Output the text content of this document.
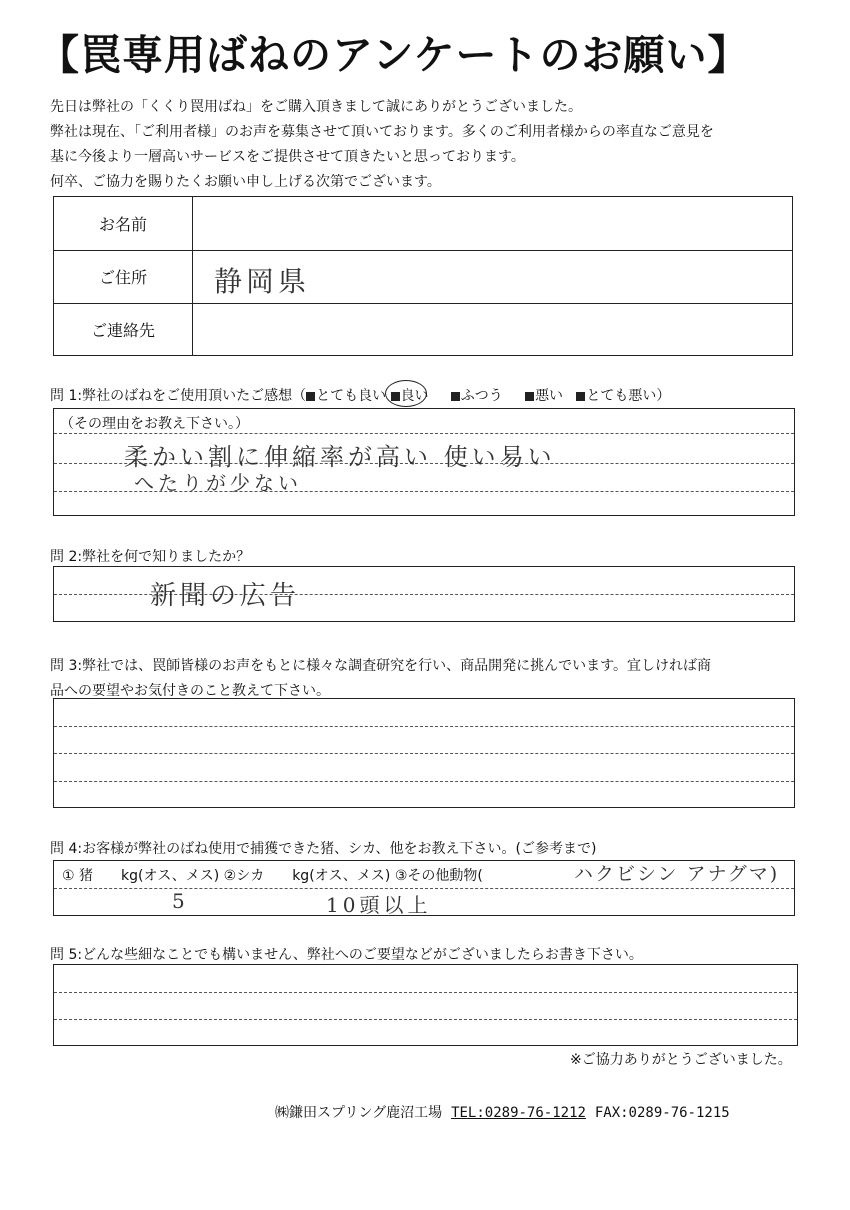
【罠専用ばねのアンケートのお願い】
先日は弊社の「くくり罠用ばね」をご購入頂きまして誠にありがとうございました。
弊社は現在、「ご利用者様」のお声を募集させて頂いております。多くのご利用者様からの率直なご意見を
基に今後より一層高いサービスをご提供させて頂きたいと思っております。
何卒、ご協力を賜りたくお願い申し上げる次第でございます。
お名前
ご住所	静岡県
ご連絡先
問 1:弊社のばねをご使用頂いたご感想（ とても良い 良い ふつう 悪い とても悪い）
（その理由をお教え下さい。）
柔かい割に伸縮率が高い 使い易い
へたりが少ない
問 2:弊社を何で知りましたか？
新聞の広告
問 3:弊社では、罠師皆様のお声をもとに様々な調査研究を行い、商品開発に挑んでいます。宜しければ商
品への要望やお気付きのこと教えて下さい。
問 4:お客様が弊社のばね使用で捕獲できた猪、シカ、他をお教え下さい。(ご参考まで)
① 猪　　kg(オス、メス) ②シカ　　kg(オス、メス) ③その他動物(	ハクビシン アナグマ)
5	10頭以上
問 5:どんな些細なことでも構いません、弊社へのご要望などがございましたらお書き下さい。
※ご協力ありがとうございました。
㈱鎌田スプリング鹿沼工場 TEL:0289-76-1212 FAX:0289-76-1215
